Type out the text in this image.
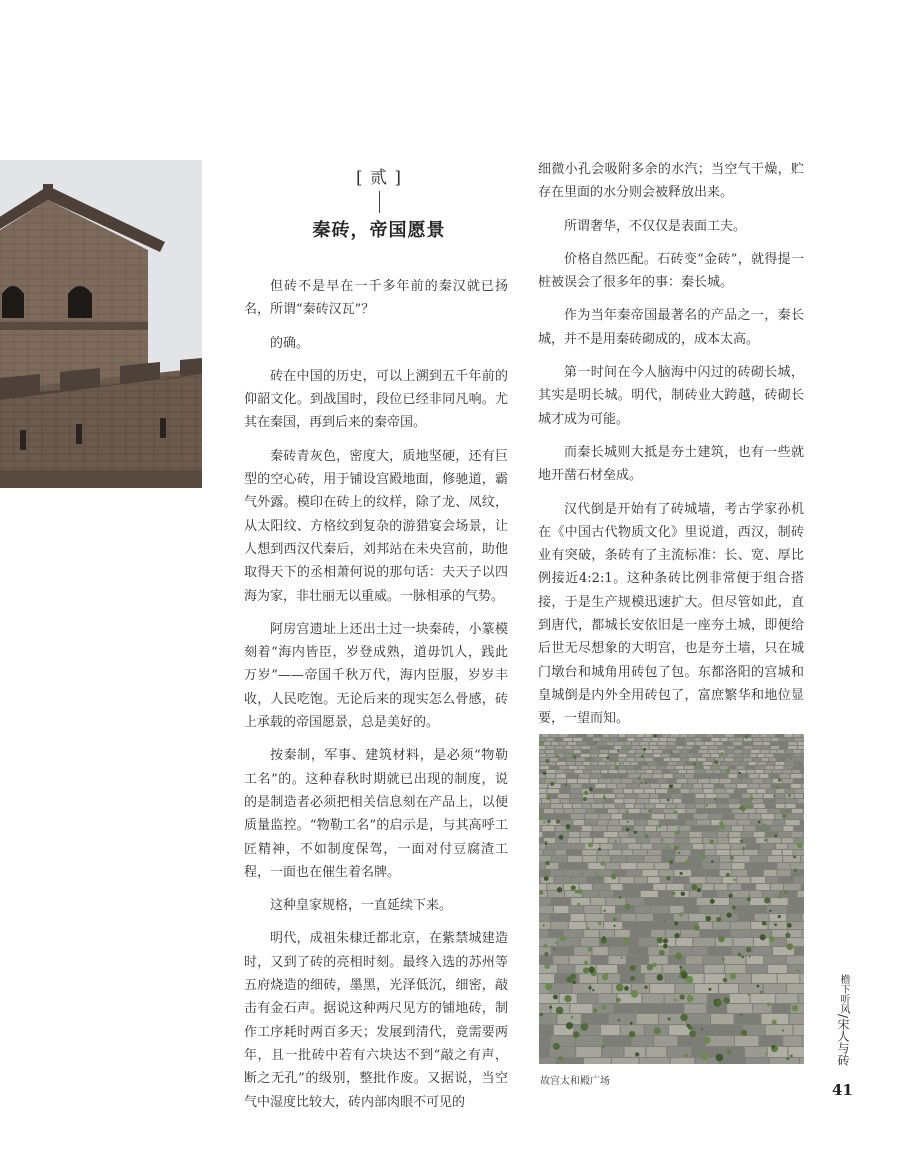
[ 贰 ]
秦砖，帝国愿景

但砖不是早在一千多年前的秦汉就已扬名，所谓“秦砖汉瓦”？

的确。

砖在中国的历史，可以上溯到五千年前的仰韶文化。到战国时，段位已经非同凡响。尤其在秦国，再到后来的秦帝国。

秦砖青灰色，密度大，质地坚硬，还有巨型的空心砖，用于铺设宫殿地面，修驰道，霸气外露。模印在砖上的纹样，除了龙、凤纹，从太阳纹、方格纹到复杂的游猎宴会场景，让人想到西汉代秦后，刘邦站在未央宫前，助他取得天下的丞相萧何说的那句话：夫天子以四海为家，非壮丽无以重威。一脉相承的气势。

阿房宫遗址上还出土过一块秦砖，小篆模刻着“海内皆臣，岁登成熟，道毋饥人，践此万岁”——帝国千秋万代，海内臣服，岁岁丰收，人民吃饱。无论后来的现实怎么骨感，砖上承载的帝国愿景，总是美好的。

按秦制，军事、建筑材料，是必须“物勒工名”的。这种春秋时期就已出现的制度，说的是制造者必须把相关信息刻在产品上，以便质量监控。“物勒工名”的启示是，与其高呼工匠精神，不如制度保驾，一面对付豆腐渣工程，一面也在催生着名牌。

这种皇家规格，一直延续下来。

明代，成祖朱棣迁都北京，在紫禁城建造时，又到了砖的亮相时刻。最终入选的苏州等五府烧造的细砖，墨黑，光泽低沉，细密，敲击有金石声。据说这种两尺见方的铺地砖，制作工序耗时两百多天；发展到清代，竟需要两年，且一批砖中若有六块达不到“敲之有声，断之无孔”的级别，整批作废。又据说，当空气中湿度比较大，砖内部肉眼不可见的

细微小孔会吸附多余的水汽；当空气干燥，贮存在里面的水分则会被释放出来。

所谓奢华，不仅仅是表面工夫。

价格自然匹配。石砖变“金砖”，就得提一桩被误会了很多年的事：秦长城。

作为当年秦帝国最著名的产品之一，秦长城，并不是用秦砖砌成的，成本太高。

第一时间在今人脑海中闪过的砖砌长城，其实是明长城。明代，制砖业大跨越，砖砌长城才成为可能。

而秦长城则大抵是夯土建筑，也有一些就地开凿石材垒成。

汉代倒是开始有了砖城墙，考古学家孙机在《中国古代物质文化》里说道，西汉，制砖业有突破，条砖有了主流标准：长、宽、厚比例接近4:2:1。这种条砖比例非常便于组合搭接，于是生产规模迅速扩大。但尽管如此，直到唐代，都城长安依旧是一座夯土城，即便给后世无尽想象的大明宫，也是夯土墙，只在城门墩台和城角用砖包了包。东都洛阳的宫城和皇城倒是内外全用砖包了，富庶繁华和地位显要，一望而知。

故宫太和殿广场
檐下听风/宋人与砖
41
